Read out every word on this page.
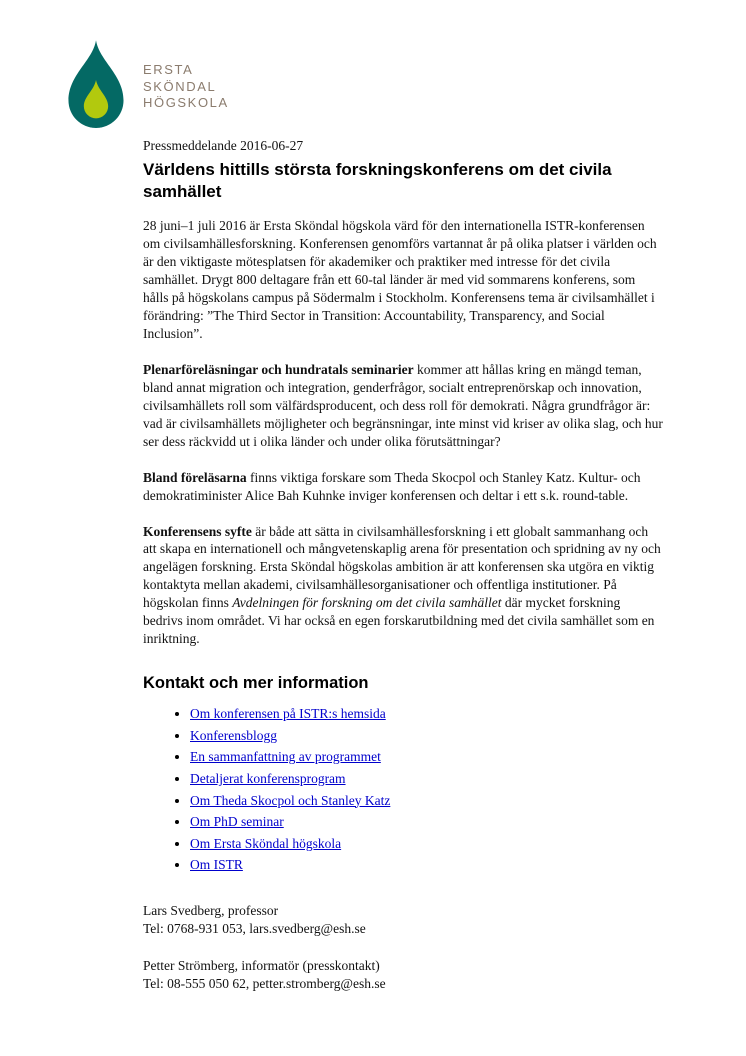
ERSTA
SKÖNDAL
HÖGSKOLA

Pressmeddelande 2016-06-27

Världens hittills största forskningskonferens om det civila samhället

28 juni–1 juli 2016 är Ersta Sköndal högskola värd för den internationella ISTR-konferensen om civilsamhällesforskning. Konferensen genomförs vartannat år på olika platser i världen och är den viktigaste mötesplatsen för akademiker och praktiker med intresse för det civila samhället. Drygt 800 deltagare från ett 60-tal länder är med vid sommarens konferens, som hålls på högskolans campus på Södermalm i Stockholm. Konferensens tema är civilsamhället i förändring: ”The Third Sector in Transition: Accountability, Transparency, and Social Inclusion”.

Plenarföreläsningar och hundratals seminarier kommer att hållas kring en mängd teman, bland annat migration och integration, genderfrågor, socialt entreprenörskap och innovation, civilsamhällets roll som välfärdsproducent, och dess roll för demokrati. Några grundfrågor är: vad är civilsamhällets möjligheter och begränsningar, inte minst vid kriser av olika slag, och hur ser dess räckvidd ut i olika länder och under olika förutsättningar?

Bland föreläsarna finns viktiga forskare som Theda Skocpol och Stanley Katz. Kultur- och demokratiminister Alice Bah Kuhnke inviger konferensen och deltar i ett s.k. round-table.

Konferensens syfte är både att sätta in civilsamhällesforskning i ett globalt sammanhang och att skapa en internationell och mångvetenskaplig arena för presentation och spridning av ny och angelägen forskning. Ersta Sköndal högskolas ambition är att konferensen ska utgöra en viktig kontaktyta mellan akademi, civilsamhällesorganisationer och offentliga institutioner. På högskolan finns Avdelningen för forskning om det civila samhället där mycket forskning bedrivs inom området. Vi har också en egen forskarutbildning med det civila samhället som en inriktning.

Kontakt och mer information
• Om konferensen på ISTR:s hemsida
• Konferensblogg
• En sammanfattning av programmet
• Detaljerat konferensprogram
• Om Theda Skocpol och Stanley Katz
• Om PhD seminar
• Om Ersta Sköndal högskola
• Om ISTR
Lars Svedberg, professor
Tel: 0768-931 053, lars.svedberg@esh.se
Petter Strömberg, informatör (presskontakt)
Tel: 08-555 050 62, petter.stromberg@esh.se
